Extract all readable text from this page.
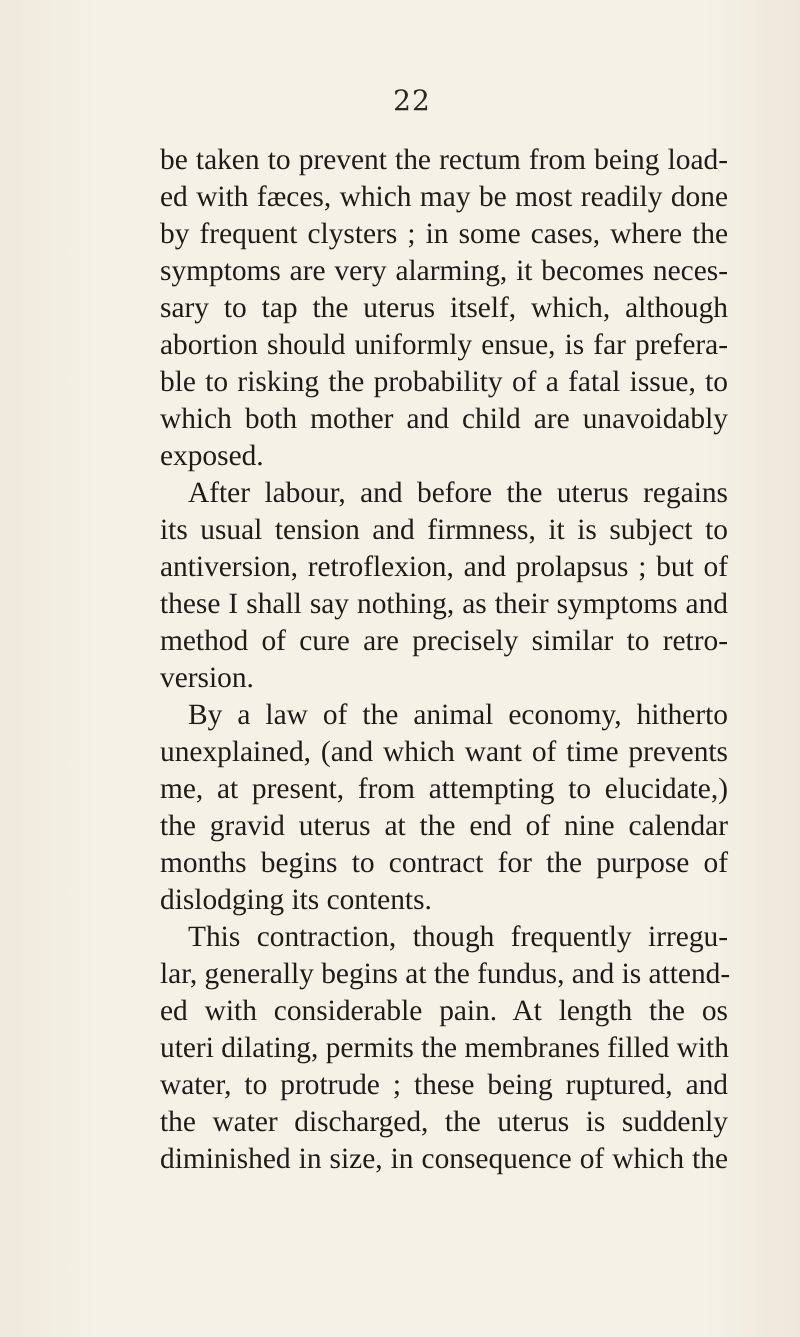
22
be taken to prevent the rectum from being load-
ed with fæces, which may be most readily done
by frequent clysters ; in some cases, where the
symptoms are very alarming, it becomes neces-
sary to tap the uterus itself, which, although
abortion should uniformly ensue, is far prefera-
ble to risking the probability of a fatal issue, to
which both mother and child are unavoidably
exposed.
After labour, and before the uterus regains
its usual tension and firmness, it is subject to
antiversion, retroflexion, and prolapsus ; but of
these I shall say nothing, as their symptoms and
method of cure are precisely similar to retro-
version.
By a law of the animal economy, hitherto
unexplained, (and which want of time prevents
me, at present, from attempting to elucidate,)
the gravid uterus at the end of nine calendar
months begins to contract for the purpose of
dislodging its contents.
This contraction, though frequently irregu-
lar, generally begins at the fundus, and is attend-
ed with considerable pain. At length the os
uteri dilating, permits the membranes filled with
water, to protrude ; these being ruptured, and
the water discharged, the uterus is suddenly
diminished in size, in consequence of which the
